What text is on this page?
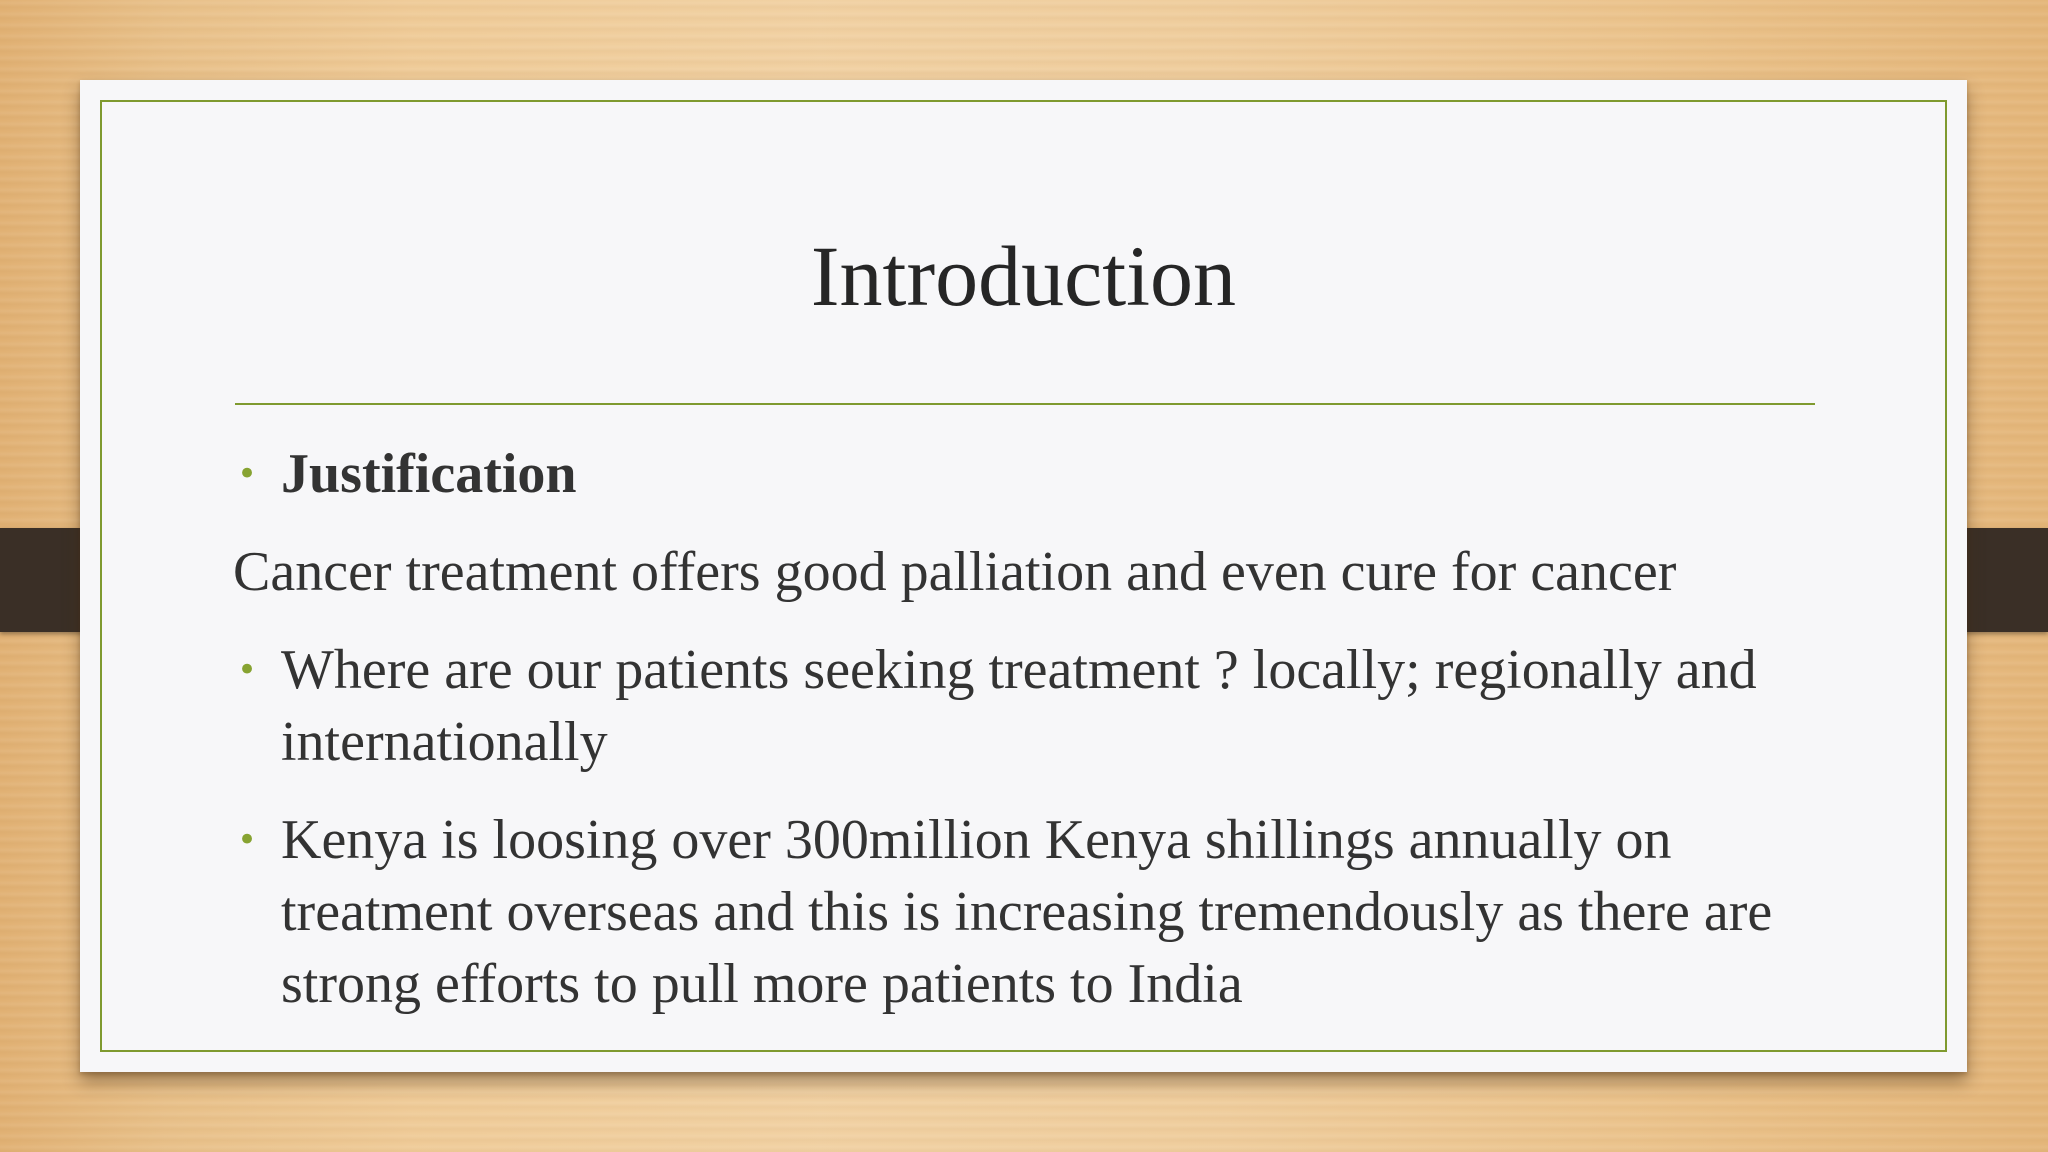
Introduction
• Justification
Cancer treatment offers good palliation and even cure for cancer
• Where are our patients seeking treatment ? locally; regionally and internationally
• Kenya is loosing over 300million Kenya shillings annually on treatment overseas and this is increasing tremendously as there are strong efforts to pull more patients to India
